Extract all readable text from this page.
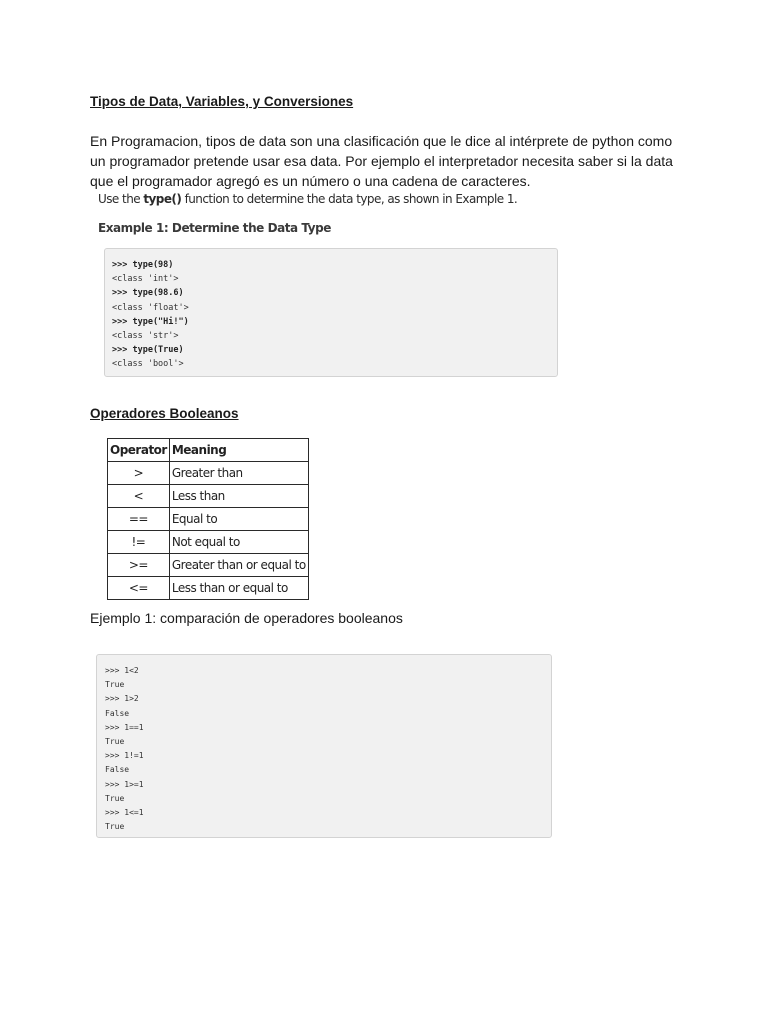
Tipos de Data, Variables, y Conversiones

En Programacion, tipos de data son una clasificación que le dice al intérprete de python como
un programador pretende usar esa data. Por ejemplo el interpretador necesita saber si la data
que el programador agregó es un número o una cadena de caracteres.

Use the type() function to determine the data type, as shown in Example 1.
Example 1: Determine the Data Type
>>> type(98)
<class 'int'>
>>> type(98.6)
<class 'float'>
>>> type("Hi!")
<class 'str'>
>>> type(True)
<class 'bool'>
Operadores Booleanos
Operator	Meaning
>	Greater than
<	Less than
==	Equal to
!=	Not equal to
>=	Greater than or equal to
<=	Less than or equal to

Ejemplo 1: comparación de operadores booleanos

>>> 1<2
True
>>> 1>2
False
>>> 1==1
True
>>> 1!=1
False
>>> 1>=1
True
>>> 1<=1
True
